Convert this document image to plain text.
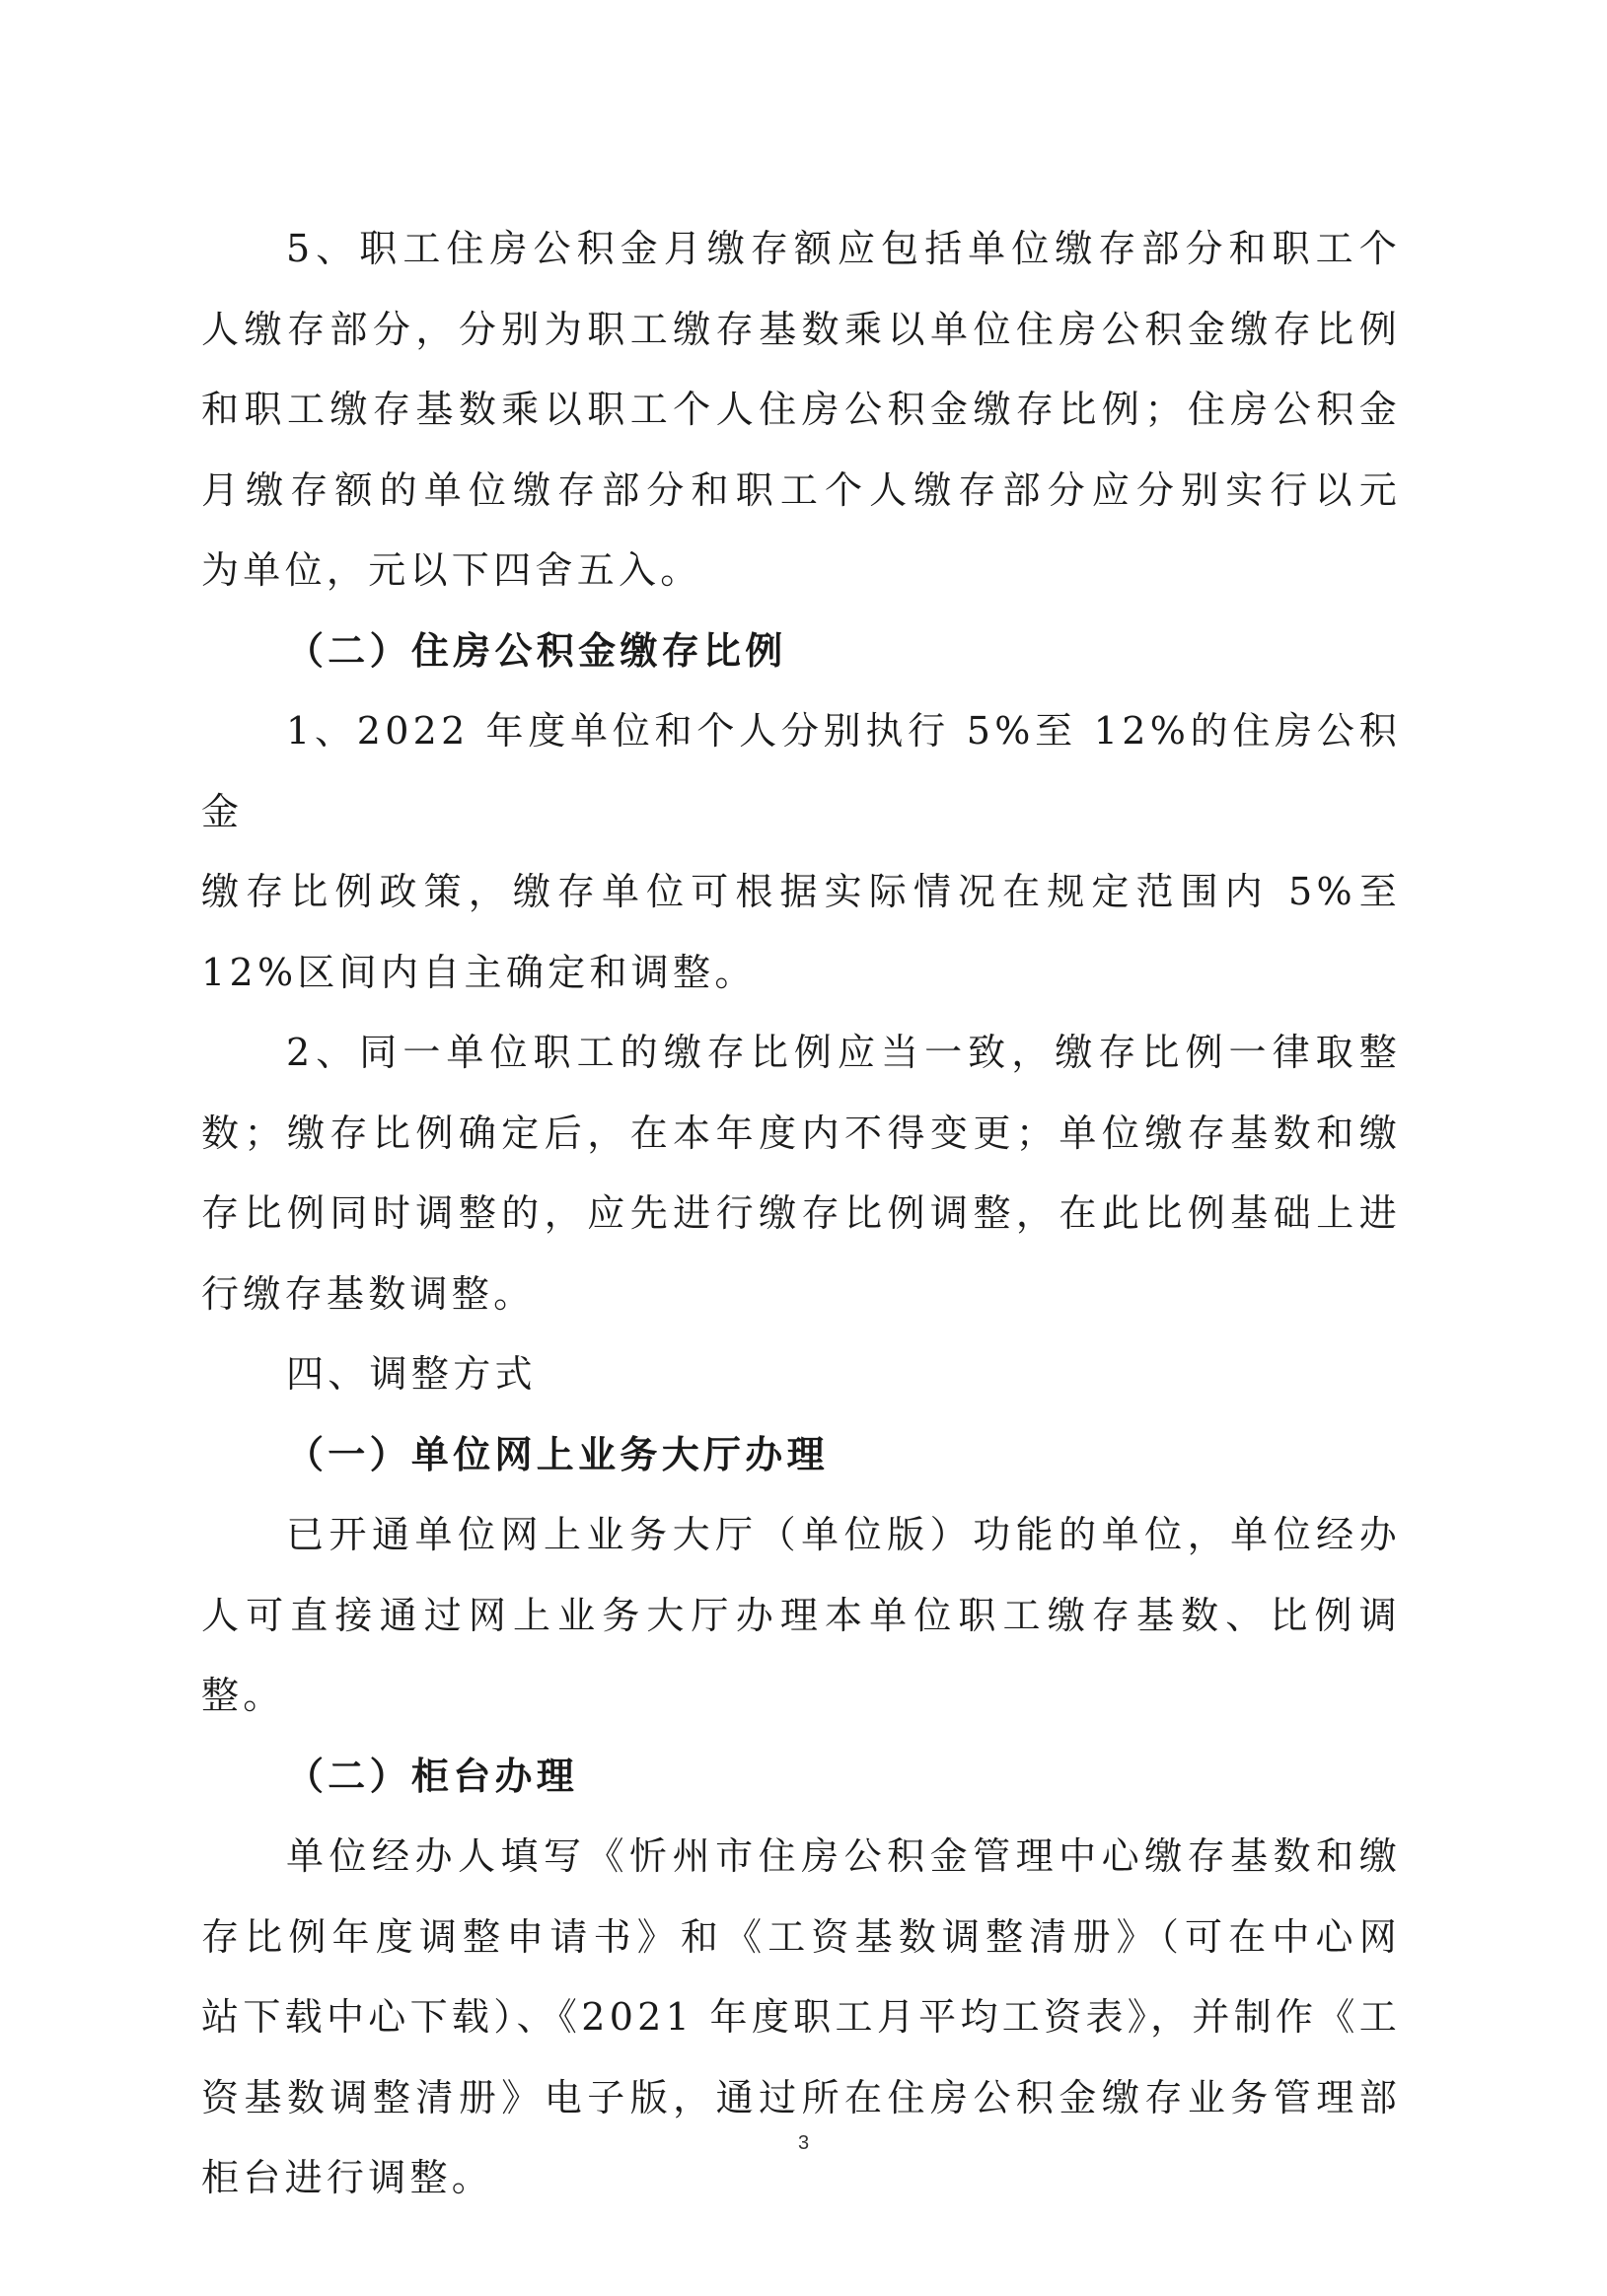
5、职工住房公积金月缴存额应包括单位缴存部分和职工个
人缴存部分，分别为职工缴存基数乘以单位住房公积金缴存比例
和职工缴存基数乘以职工个人住房公积金缴存比例；住房公积金
月缴存额的单位缴存部分和职工个人缴存部分应分别实行以元
为单位，元以下四舍五入。

（二）住房公积金缴存比例

1、2022 年度单位和个人分别执行 5%至 12%的住房公积金
缴存比例政策，缴存单位可根据实际情况在规定范围内 5%至
12%区间内自主确定和调整。
2、同一单位职工的缴存比例应当一致，缴存比例一律取整
数；缴存比例确定后，在本年度内不得变更；单位缴存基数和缴
存比例同时调整的，应先进行缴存比例调整，在此比例基础上进
行缴存基数调整。

四、调整方式

（一）单位网上业务大厅办理

已开通单位网上业务大厅（单位版）功能的单位，单位经办
人可直接通过网上业务大厅办理本单位职工缴存基数、比例调整。

（二）柜台办理

单位经办人填写《忻州市住房公积金管理中心缴存基数和缴
存比例年度调整申请书》和《工资基数调整清册》（可在中心网
站下载中心下载）、《2021 年度职工月平均工资表》，并制作《工
资基数调整清册》电子版，通过所在住房公积金缴存业务管理部
柜台进行调整。
3
